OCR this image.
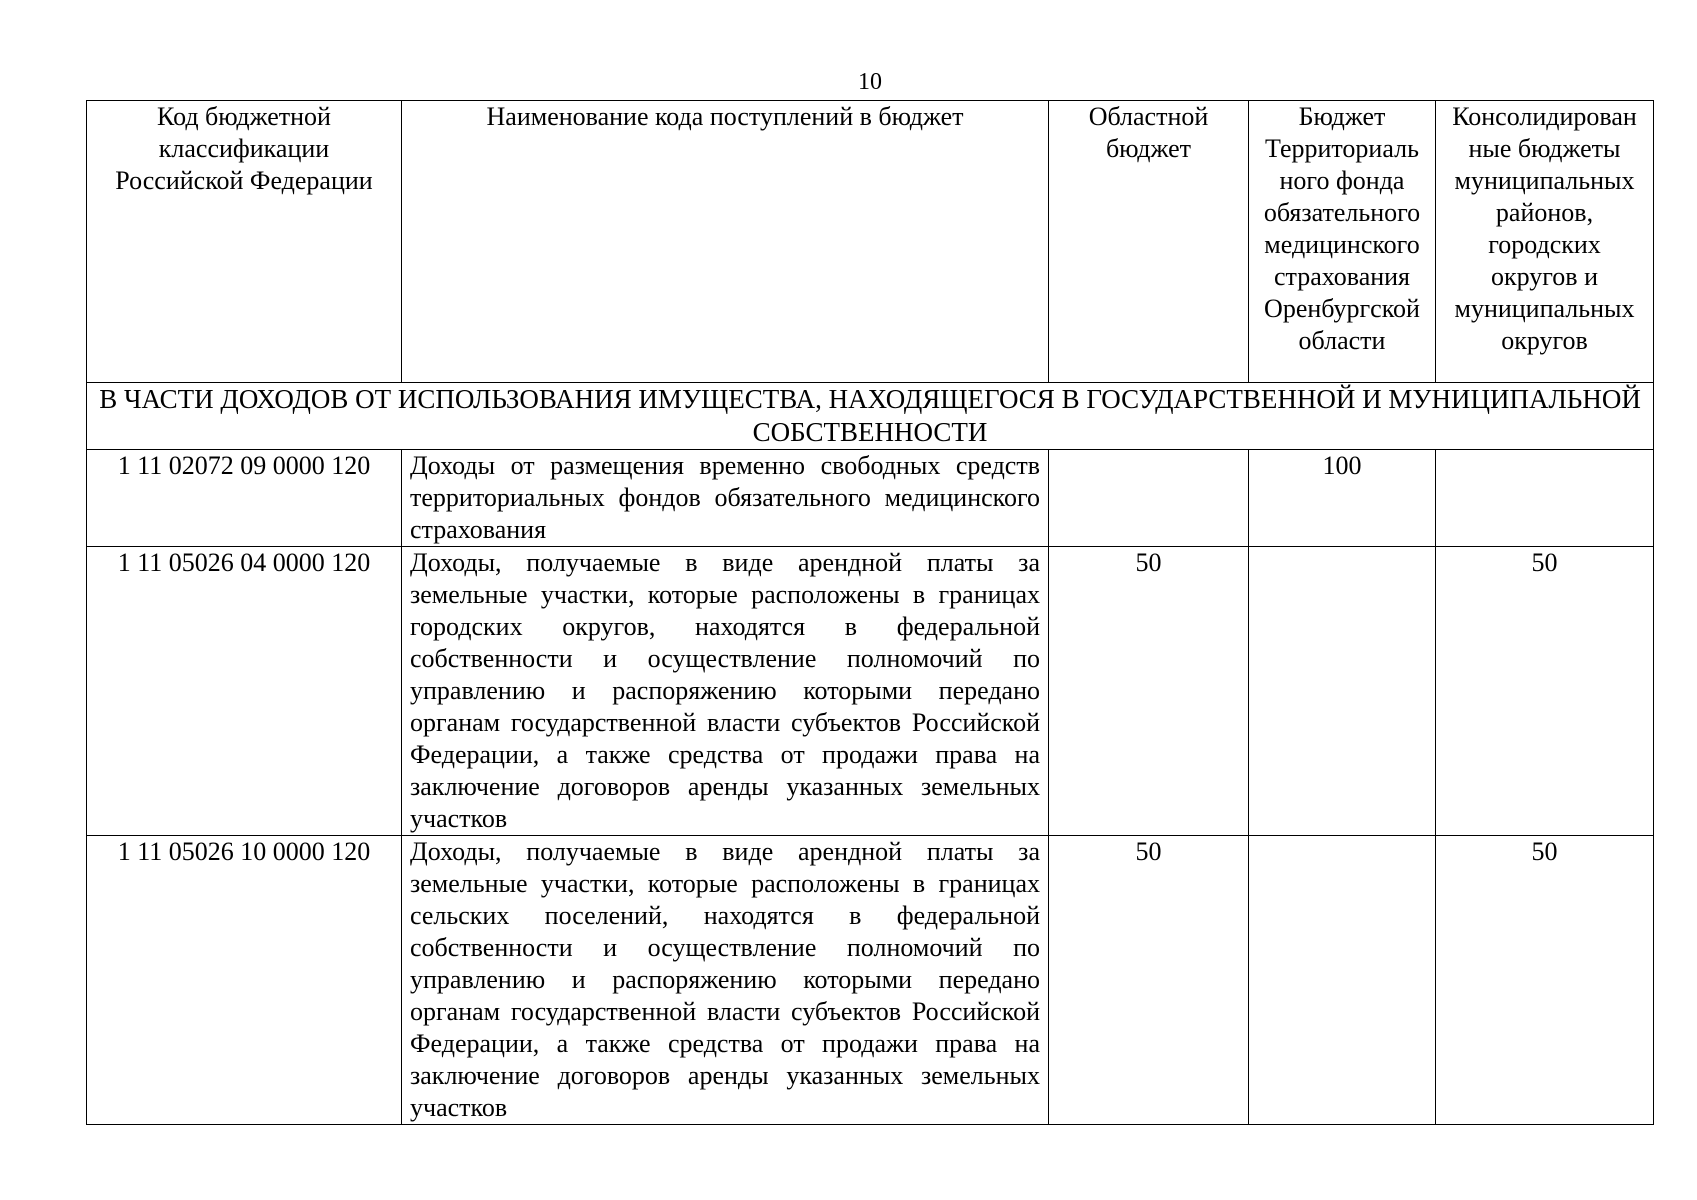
10
Код бюджетной классификации Российской Федерации	Наименование кода поступлений в бюджет	Областной бюджет	Бюджет Территориаль ного фонда обязательного медицинского страхования Оренбургской области	Консолидирован ные бюджеты муниципальных районов, городских округов и муниципальных округов
В ЧАСТИ ДОХОДОВ ОТ ИСПОЛЬЗОВАНИЯ ИМУЩЕСТВА, НАХОДЯЩЕГОСЯ В ГОСУДАРСТВЕННОЙ И МУНИЦИПАЛЬНОЙ СОБСТВЕННОСТИ				
1 11 02072 09 0000 120	Доходы от размещения временно свободных средств территориальных фондов обязательного медицинского страхования		100	
1 11 05026 04 0000 120	Доходы, получаемые в виде арендной платы за земельные участки, которые расположены в границах городских округов, находятся в федеральной собственности и осуществление полномочий по управлению и распоряжению которыми передано органам государственной власти субъектов Российской Федерации, а также средства от продажи права на заключение договоров аренды указанных земельных участков	50		50
1 11 05026 10 0000 120	Доходы, получаемые в виде арендной платы за земельные участки, которые расположены в границах сельских поселений, находятся в федеральной собственности и осуществление полномочий по управлению и распоряжению которыми передано органам государственной власти субъектов Российской Федерации, а также средства от продажи права на заключение договоров аренды указанных земельных участков	50		50
